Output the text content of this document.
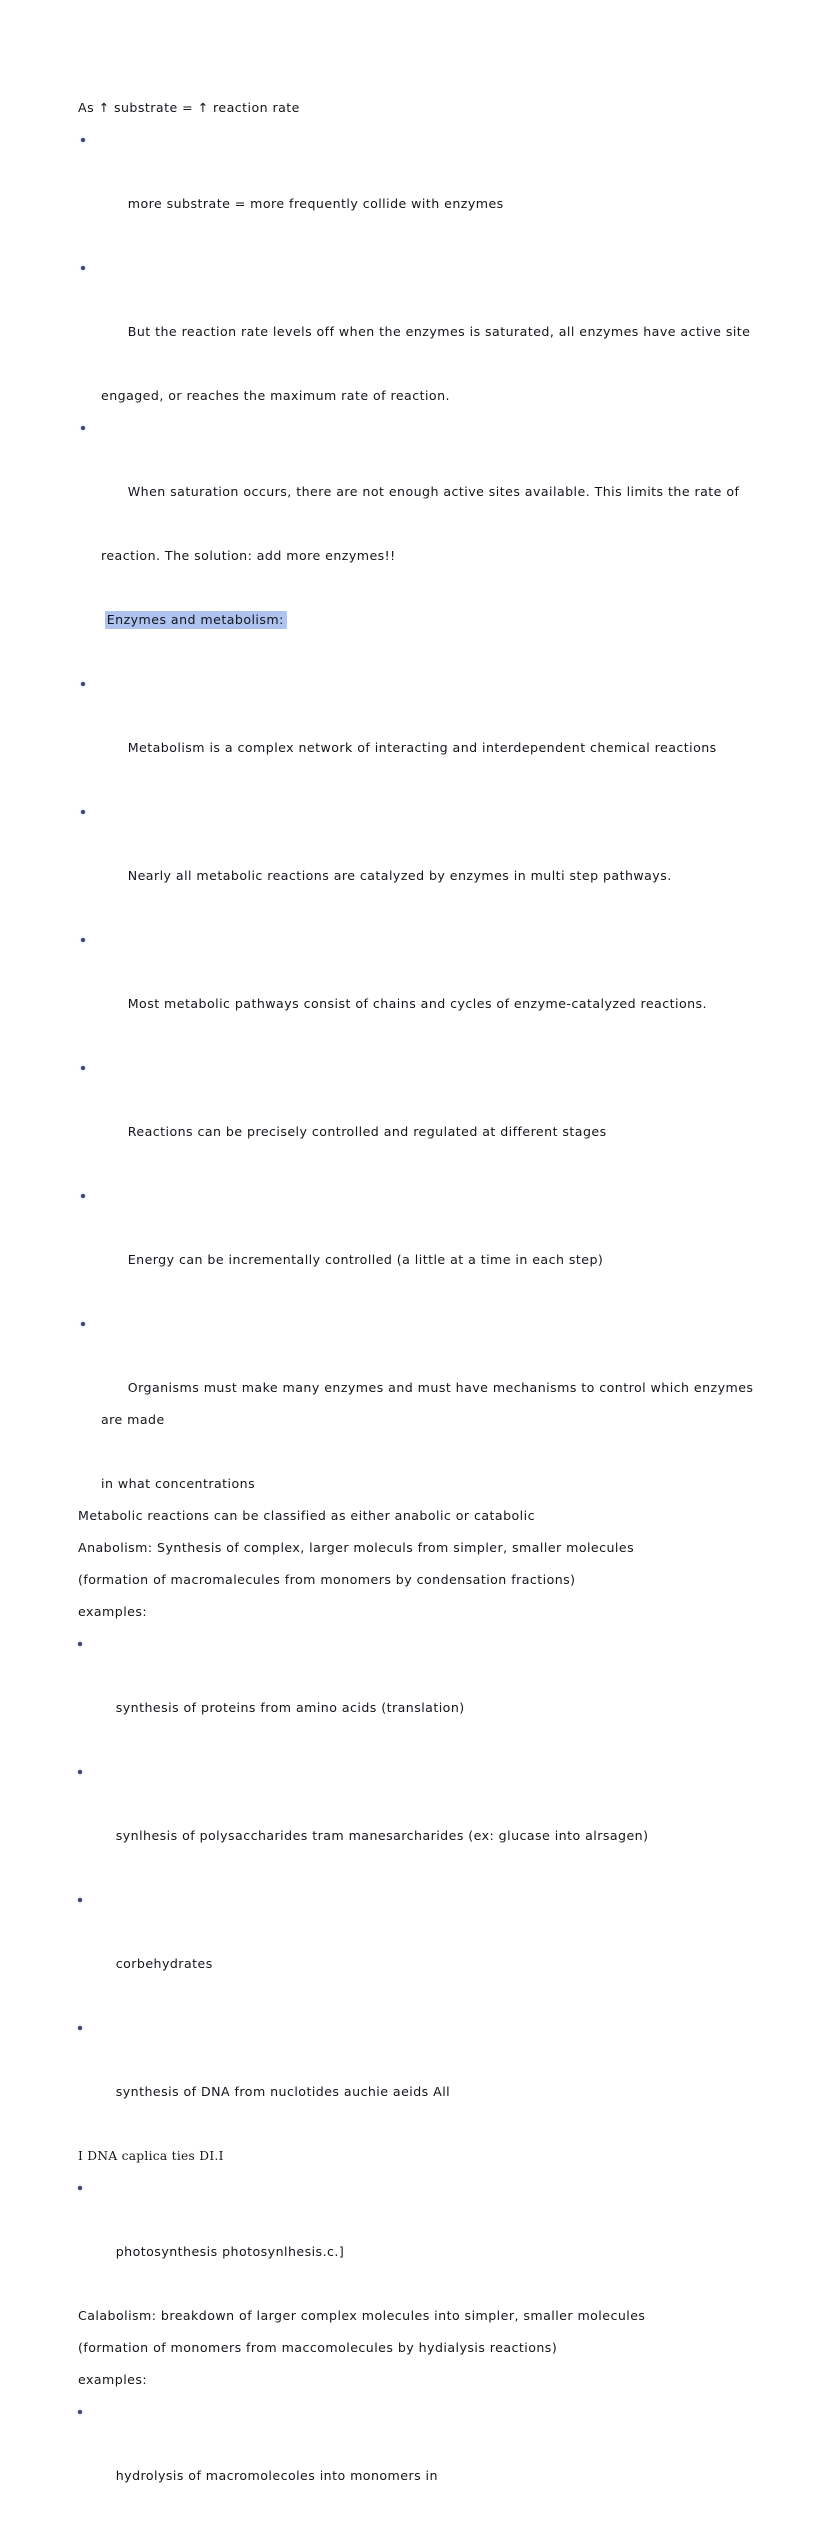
As ↑ substrate = ↑ reaction rate

more substrate = more frequently collide with enzymes

But the reaction rate levels off when the enzymes is saturated, all enzymes have active site

engaged, or reaches the maximum rate of reaction.

When saturation occurs, there are not enough active sites available. This limits the rate of

reaction. The solution: add more enzymes!!

Enzymes and metabolism:

Metabolism is a complex network of interacting and interdependent chemical reactions

Nearly all metabolic reactions are catalyzed by enzymes in multi step pathways.

Most metabolic pathways consist of chains and cycles of enzyme-catalyzed reactions.

Reactions can be precisely controlled and regulated at different stages

Energy can be incrementally controlled (a little at a time in each step)

Organisms must make many enzymes and must have mechanisms to control which enzymes are made

in what concentrations
Metabolic reactions can be classified as either anabolic or catabolic
Anabolism: Synthesis of complex, larger moleculs from simpler, smaller molecules
(formation of macromalecules from monomers by condensation fractions)
examples:

synthesis of proteins from amino acids (translation)

synlhesis of polysaccharides tram manesarcharides (ex: glucase into alrsagen)

corbehydrates

synthesis of DNA from nuclotides auchie aeids All

I DNA caplica ties DI.I

photosynthesis photosynlhesis.c.]

Calabolism: breakdown of larger complex molecules into simpler, smaller molecules
(formation of monomers from maccomolecules by hydialysis reactions)
examples:

hydrolysis of macromolecoles into monomers in
